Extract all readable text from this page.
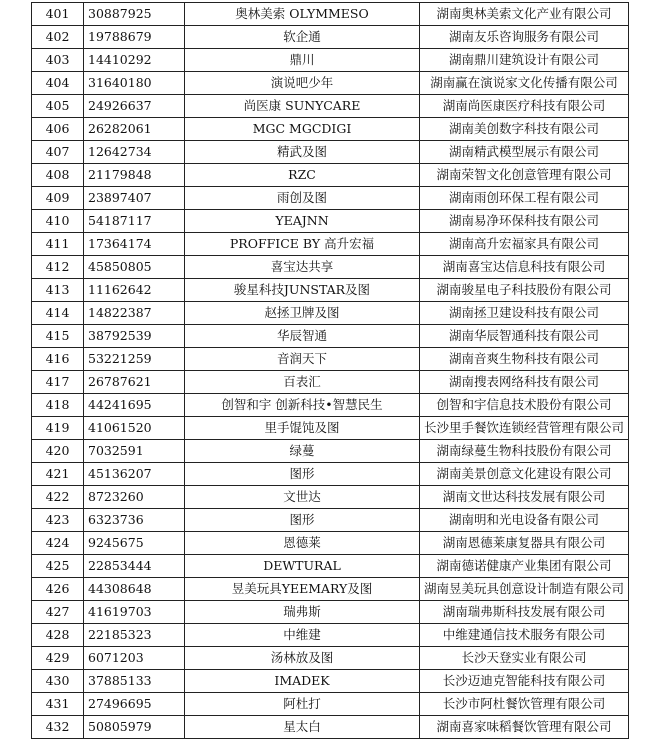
401	30887925	奥林美索 OLYMMESO	湖南奥林美索文化产业有限公司
402	19788679	软企通	湖南友乐咨询服务有限公司
403	14410292	鼎川	湖南鼎川建筑设计有限公司
404	31640180	演说吧少年	湖南赢在演说家文化传播有限公司
405	24926637	尚医康 SUNYCARE	湖南尚医康医疗科技有限公司
406	26282061	MGC MGCDIGI	湖南美创数字科技有限公司
407	12642734	精武及图	湖南精武模型展示有限公司
408	21179848	RZC	湖南荣智文化创意管理有限公司
409	23897407	雨创及图	湖南雨创环保工程有限公司
410	54187117	YEAJNN	湖南易净环保科技有限公司
411	17364174	PROFFICE BY 高升宏福	湖南高升宏福家具有限公司
412	45850805	喜宝达共享	湖南喜宝达信息科技有限公司
413	11162642	骏星科技JUNSTAR及图	湖南骏星电子科技股份有限公司
414	14822387	赵拯卫牌及图	湖南拯卫建设科技有限公司
415	38792539	华辰智通	湖南华辰智通科技有限公司
416	53221259	音润天下	湖南音爽生物科技有限公司
417	26787621	百表汇	湖南搜表网络科技有限公司
418	44241695	创智和宇 创新科技•智慧民生	创智和宇信息技术股份有限公司
419	41061520	里手馄饨及图	长沙里手餐饮连锁经营管理有限公司
420	7032591	绿蔓	湖南绿蔓生物科技股份有限公司
421	45136207	图形	湖南美景创意文化建设有限公司
422	8723260	文世达	湖南文世达科技发展有限公司
423	6323736	图形	湖南明和光电设备有限公司
424	9245675	恩德莱	湖南恩德莱康复器具有限公司
425	22853444	DEWTURAL	湖南德诺健康产业集团有限公司
426	44308648	昱美玩具YEEMARY及图	湖南昱美玩具创意设计制造有限公司
427	41619703	瑞弗斯	湖南瑞弗斯科技发展有限公司
428	22185323	中维建	中维建通信技术服务有限公司
429	6071203	汤林放及图	长沙天登实业有限公司
430	37885133	IMADEK	长沙迈迪克智能科技有限公司
431	27496695	阿杜打	长沙市阿杜餐饮管理有限公司
432	50805979	星太白	湖南喜家味稻餐饮管理有限公司
